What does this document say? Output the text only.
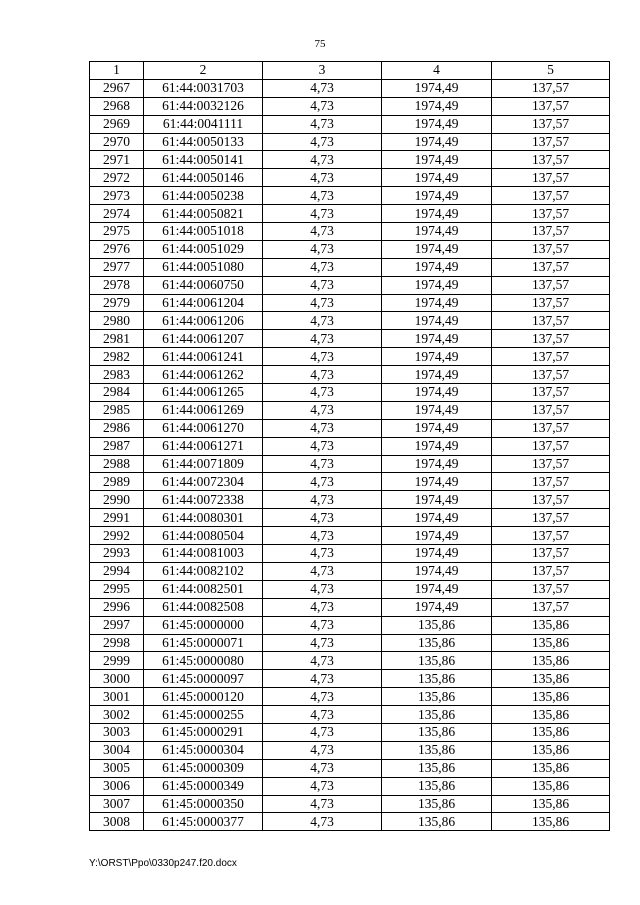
75
1	2	3	4	5
2967	61:44:0031703	4,73	1974,49	137,57
2968	61:44:0032126	4,73	1974,49	137,57
2969	61:44:0041111	4,73	1974,49	137,57
2970	61:44:0050133	4,73	1974,49	137,57
2971	61:44:0050141	4,73	1974,49	137,57
2972	61:44:0050146	4,73	1974,49	137,57
2973	61:44:0050238	4,73	1974,49	137,57
2974	61:44:0050821	4,73	1974,49	137,57
2975	61:44:0051018	4,73	1974,49	137,57
2976	61:44:0051029	4,73	1974,49	137,57
2977	61:44:0051080	4,73	1974,49	137,57
2978	61:44:0060750	4,73	1974,49	137,57
2979	61:44:0061204	4,73	1974,49	137,57
2980	61:44:0061206	4,73	1974,49	137,57
2981	61:44:0061207	4,73	1974,49	137,57
2982	61:44:0061241	4,73	1974,49	137,57
2983	61:44:0061262	4,73	1974,49	137,57
2984	61:44:0061265	4,73	1974,49	137,57
2985	61:44:0061269	4,73	1974,49	137,57
2986	61:44:0061270	4,73	1974,49	137,57
2987	61:44:0061271	4,73	1974,49	137,57
2988	61:44:0071809	4,73	1974,49	137,57
2989	61:44:0072304	4,73	1974,49	137,57
2990	61:44:0072338	4,73	1974,49	137,57
2991	61:44:0080301	4,73	1974,49	137,57
2992	61:44:0080504	4,73	1974,49	137,57
2993	61:44:0081003	4,73	1974,49	137,57
2994	61:44:0082102	4,73	1974,49	137,57
2995	61:44:0082501	4,73	1974,49	137,57
2996	61:44:0082508	4,73	1974,49	137,57
2997	61:45:0000000	4,73	135,86	135,86
2998	61:45:0000071	4,73	135,86	135,86
2999	61:45:0000080	4,73	135,86	135,86
3000	61:45:0000097	4,73	135,86	135,86
3001	61:45:0000120	4,73	135,86	135,86
3002	61:45:0000255	4,73	135,86	135,86
3003	61:45:0000291	4,73	135,86	135,86
3004	61:45:0000304	4,73	135,86	135,86
3005	61:45:0000309	4,73	135,86	135,86
3006	61:45:0000349	4,73	135,86	135,86
3007	61:45:0000350	4,73	135,86	135,86
3008	61:45:0000377	4,73	135,86	135,86
Y:\ORST\Ppo\0330p247.f20.docx
